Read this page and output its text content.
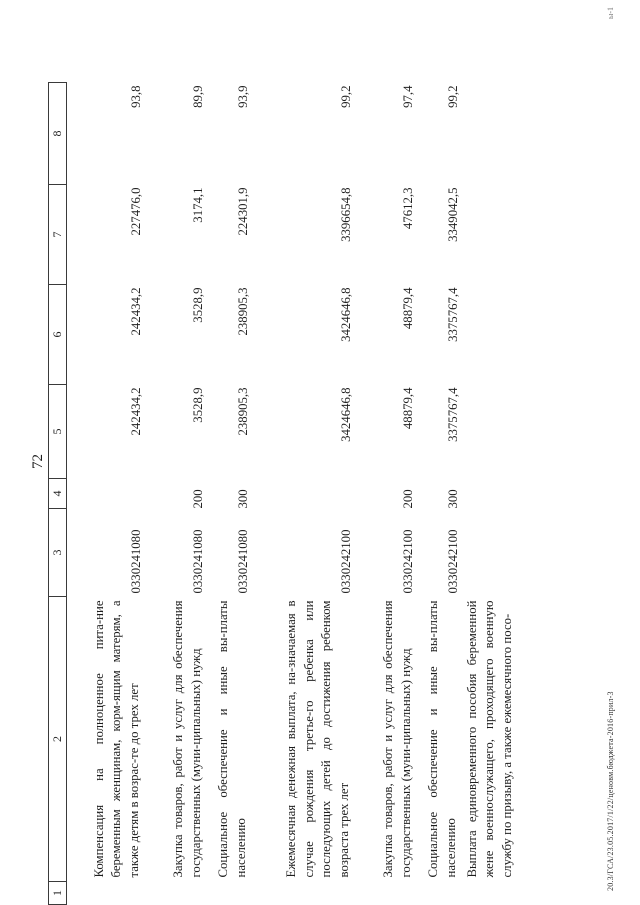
72
1	2	3	4	5	6	7	8
	Компенсация на полноценное пита-ние беременным женщинам, корм-ящим матерям, а также детям в возрас-те до трех лет	0330241080		242434,2	242434,2	227476,0	93,8
	Закупка товаров, работ и услуг для обеспечения государственных (муни-ципальных) нужд	0330241080	200	3528,9	3528,9	3174,1	89,9
	Социальное обеспечение и иные вы-платы населению	0330241080	300	238905,3	238905,3	224301,9	93,9
	Ежемесячная денежная выплата, на-значаемая в случае рождения третье-го ребенка или последующих детей до достижения ребенком возраста трех лет	0330242100		3424646,8	3424646,8	3396654,8	99,2
	Закупка товаров, работ и услуг для обеспечения государственных (муни-ципальных) нужд	0330242100	200	48879,4	48879,4	47612,3	97,4
	Социальное обеспечение и иные вы-платы населению	0330242100	300	3375767,4	3375767,4	3349042,5	99,2
	Выплата единовременного пособия беременной жене военнослужащего, проходящего военную службу по призыву, а также ежемесячного посо-							20.3/ГСА/23.05.2017/1/22/ценовм.бюджета-2016-прил-3
ы-1
